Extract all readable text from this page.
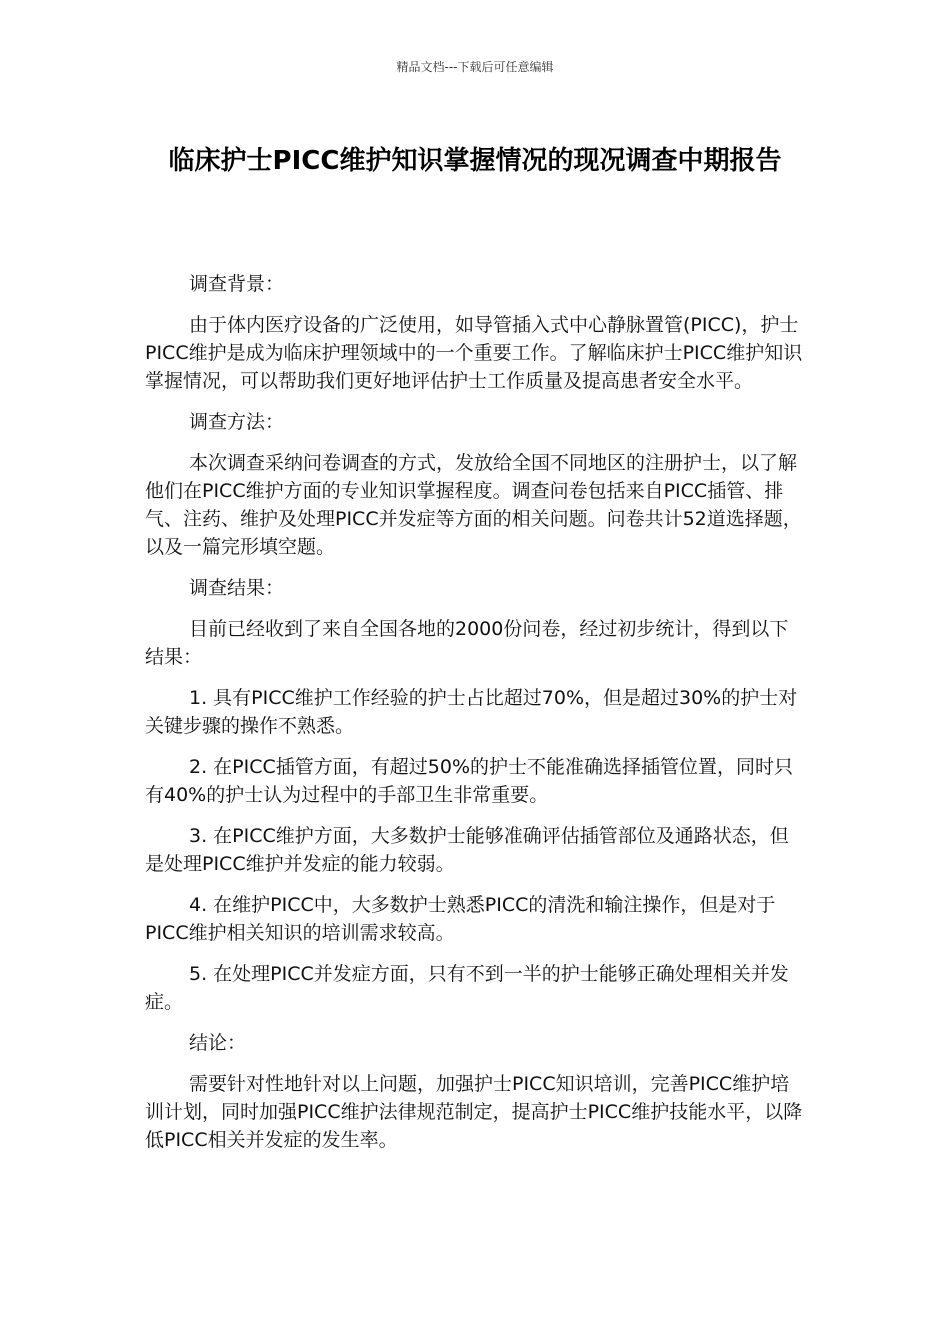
精品文档---下载后可任意编辑
临床护士PICC维护知识掌握情况的现况调查中期报告

调查背景：

由于体内医疗设备的广泛使用，如导管插入式中心静脉置管(PICC)，护士PICC维护是成为临床护理领域中的一个重要工作。了解临床护士PICC维护知识掌握情况，可以帮助我们更好地评估护士工作质量及提高患者安全水平。

调查方法：

本次调查采纳问卷调查的方式，发放给全国不同地区的注册护士，以了解他们在PICC维护方面的专业知识掌握程度。调查问卷包括来自PICC插管、排气、注药、维护及处理PICC并发症等方面的相关问题。问卷共计52道选择题，以及一篇完形填空题。

调查结果：

目前已经收到了来自全国各地的2000份问卷，经过初步统计，得到以下结果：

1. 具有PICC维护工作经验的护士占比超过70%，但是超过30%的护士对关键步骤的操作不熟悉。

2. 在PICC插管方面，有超过50%的护士不能准确选择插管位置，同时只有40%的护士认为过程中的手部卫生非常重要。

3. 在PICC维护方面，大多数护士能够准确评估插管部位及通路状态，但是处理PICC维护并发症的能力较弱。

4. 在维护PICC中，大多数护士熟悉PICC的清洗和输注操作，但是对于PICC维护相关知识的培训需求较高。

5. 在处理PICC并发症方面，只有不到一半的护士能够正确处理相关并发症。

结论：

需要针对性地针对以上问题，加强护士PICC知识培训，完善PICC维护培训计划，同时加强PICC维护法律规范制定，提高护士PICC维护技能水平，以降低PICC相关并发症的发生率。
